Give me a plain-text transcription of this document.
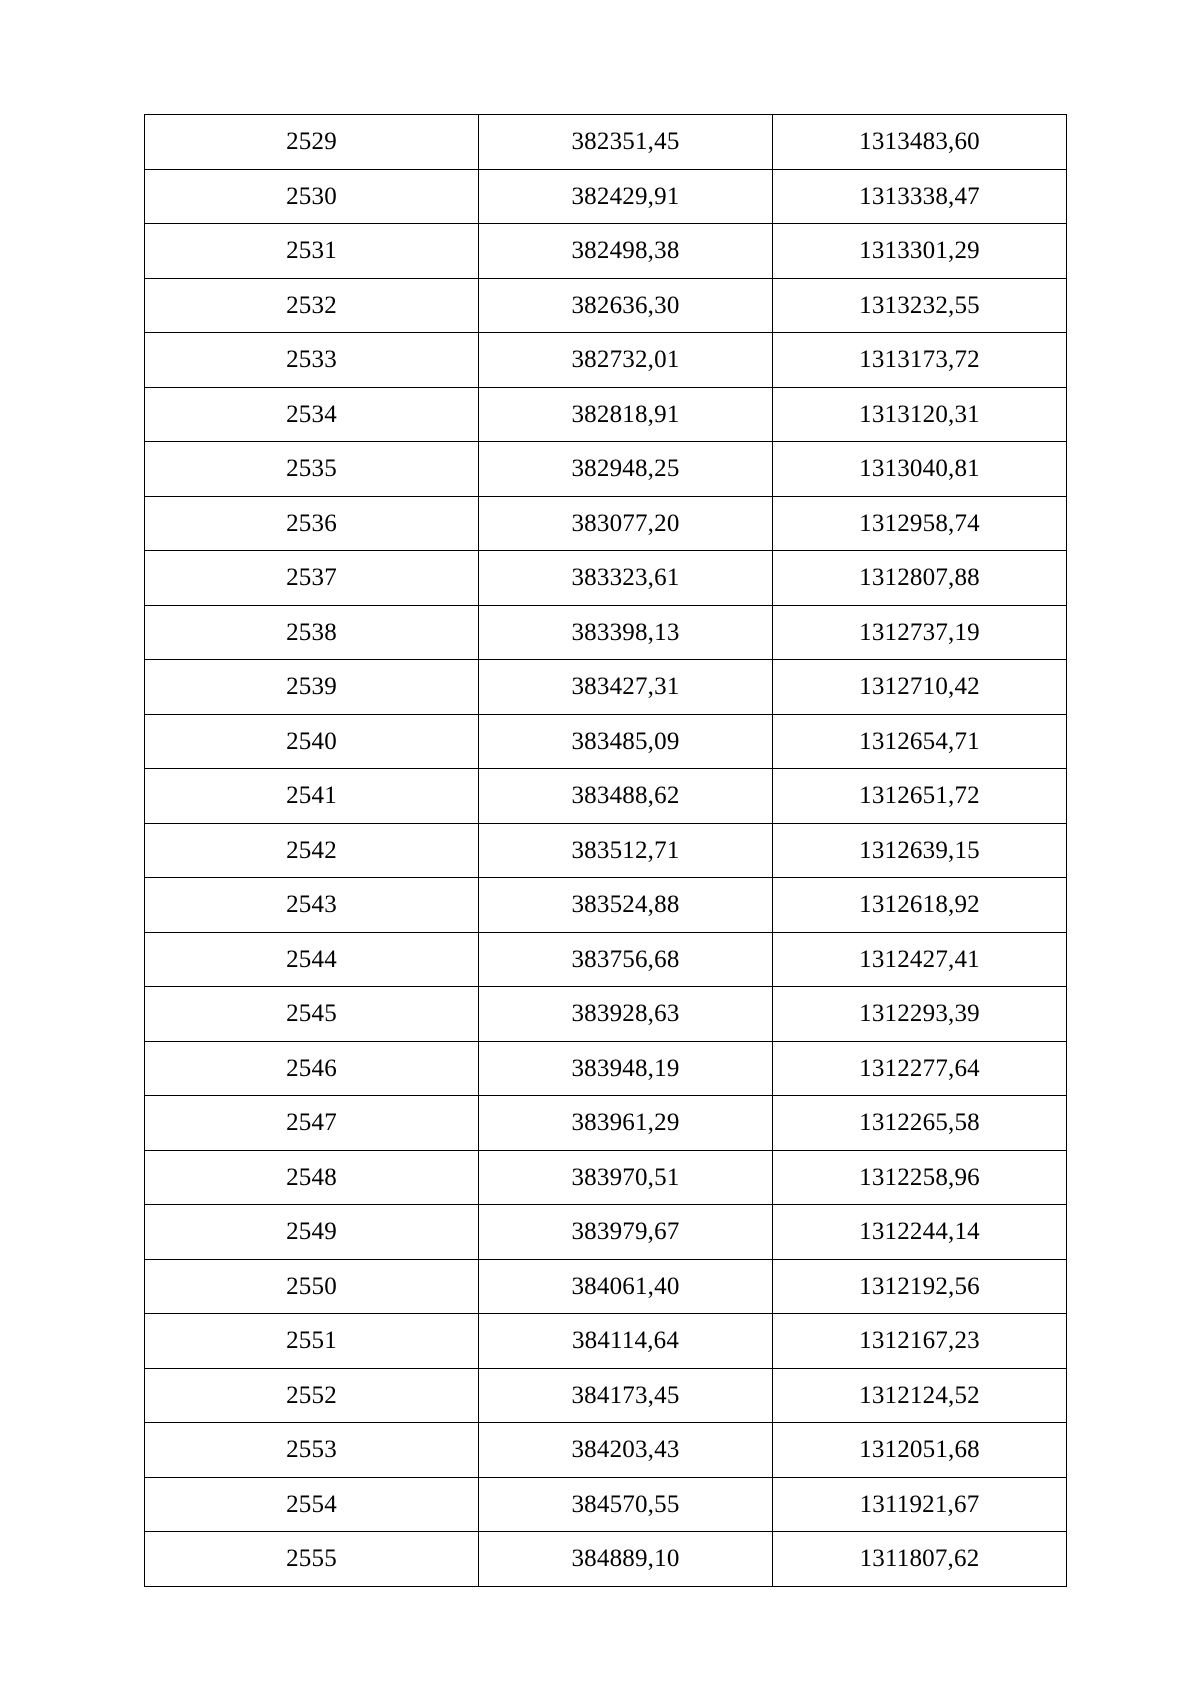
2529	382351,45	1313483,60
2530	382429,91	1313338,47
2531	382498,38	1313301,29
2532	382636,30	1313232,55
2533	382732,01	1313173,72
2534	382818,91	1313120,31
2535	382948,25	1313040,81
2536	383077,20	1312958,74
2537	383323,61	1312807,88
2538	383398,13	1312737,19
2539	383427,31	1312710,42
2540	383485,09	1312654,71
2541	383488,62	1312651,72
2542	383512,71	1312639,15
2543	383524,88	1312618,92
2544	383756,68	1312427,41
2545	383928,63	1312293,39
2546	383948,19	1312277,64
2547	383961,29	1312265,58
2548	383970,51	1312258,96
2549	383979,67	1312244,14
2550	384061,40	1312192,56
2551	384114,64	1312167,23
2552	384173,45	1312124,52
2553	384203,43	1312051,68
2554	384570,55	1311921,67
2555	384889,10	1311807,62
